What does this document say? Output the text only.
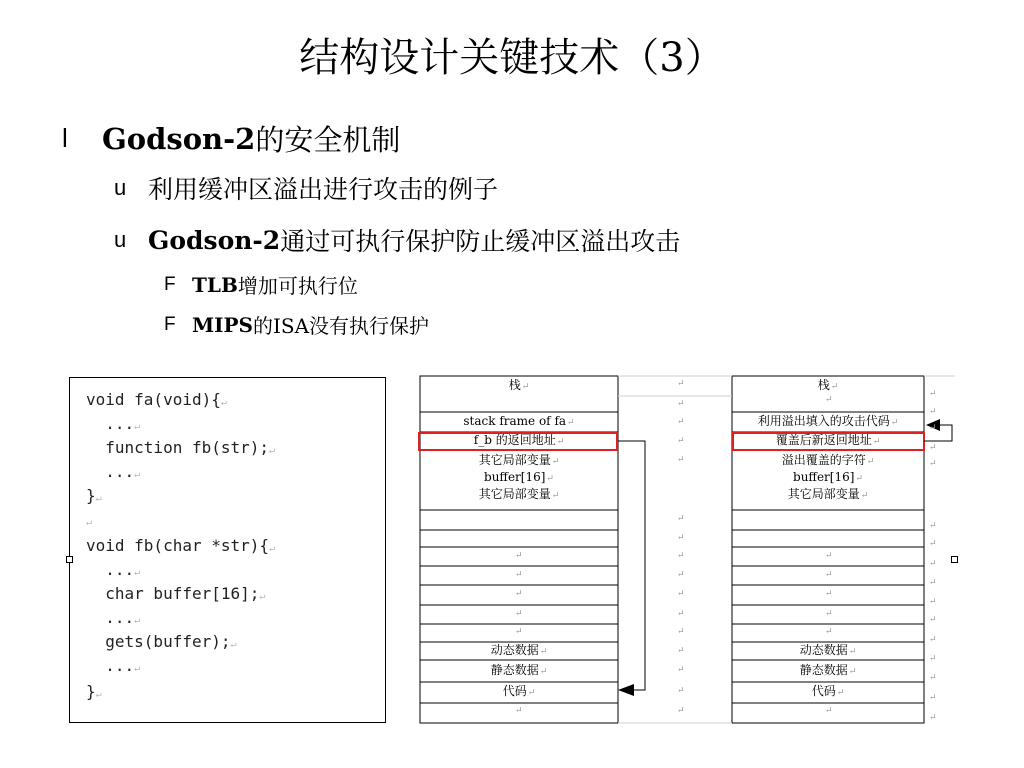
结构设计关键技术（3）
l	Godson-2 的安全机制
u 利用缓冲区溢出进行攻击的例子
u Godson-2 通过可执行保护防止缓冲区溢出攻击
F TLB 增加可执行位
F MIPS 的ISA没有执行保护
void fa(void){↵
...↵
function fb(str);↵
...↵
}↵
↵
void fb(char *str){↵
...↵
char buffer[16];↵
...↵
gets(buffer);↵
...↵
}↵
栈↵
stack frame of fa↵
f_b 的返回地址↵
其它局部变量↵
buffer[16]↵
其它局部变量↵
动态数据↵
静态数据↵
代码↵
栈↵
利用溢出填入的攻击代码↵
覆盖后新返回地址↵
溢出覆盖的字符↵
buffer[16]↵
其它局部变量↵
动态数据↵
静态数据↵
代码↵
↵
↵
↵
↵
↵
↵
↵
↵
↵
↵
↵
↵
↵
↵
↵
↵
↵
↵
↵
↵
↵
↵
↵
↵
↵
↵
↵
↵
↵
↵
↵
↵
↵
↵
↵
↵
↵
↵
↵
↵
↵
↵
↵
↵
↵
